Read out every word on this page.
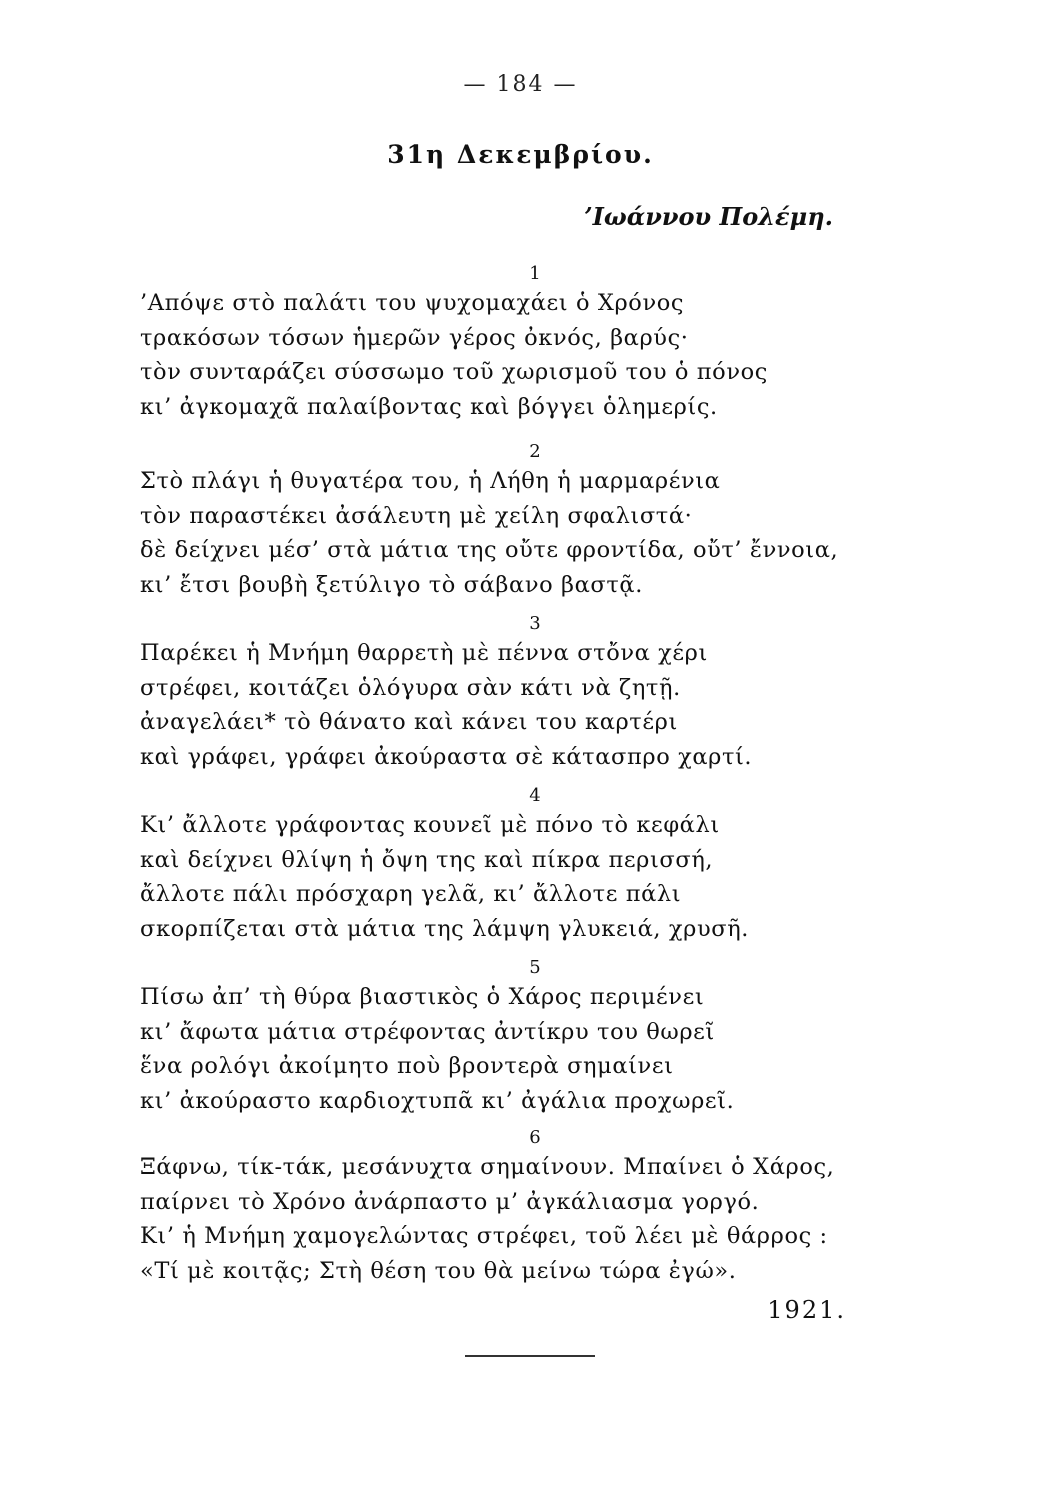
— 184 —
31η Δεκεμβρίου.
’Ιωάννου Πολέμη.
1
’Απόψε στὸ παλάτι του ψυχομαχάει ὁ Χρόνος
τρακόσων τόσων ἡμερῶν γέρος ὀκνός, βαρύς·
τὸν συνταράζει σύσσωμο τοῦ χωρισμοῦ του ὁ πόνος
κι’ ἀγκομαχᾶ παλαίβοντας καὶ βόγγει ὁλημερίς.
2
Στὸ πλάγι ἡ θυγατέρα του, ἡ Λήθη ἡ μαρμαρένια
τὸν παραστέκει ἀσάλευτη μὲ χείλη σφαλιστά·
δὲ δείχνει μέσ’ στὰ μάτια της οὔτε φροντίδα, οὔτ’ ἔννοια,
κι’ ἔτσι βουβὴ ξετύλιγο τὸ σάβανο βαστᾷ.
3
Παρέκει ἡ Μνήμη θαρρετὴ μὲ πέννα στὄνα χέρι
στρέφει, κοιτάζει ὁλόγυρα σὰν κάτι νὰ ζητῇ.
ἀναγελάει* τὸ θάνατο καὶ κάνει του καρτέρι
καὶ γράφει, γράφει ἀκούραστα σὲ κάτασπρο χαρτί.
4
Κι’ ἄλλοτε γράφοντας κουνεῖ μὲ πόνο τὸ κεφάλι
καὶ δείχνει θλίψη ἡ ὄψη της καὶ πίκρα περισσή,
ἄλλοτε πάλι πρόσχαρη γελᾶ, κι’ ἄλλοτε πάλι
σκορπίζεται στὰ μάτια της λάμψη γλυκειά, χρυσῆ.
5
Πίσω ἀπ’ τὴ θύρα βιαστικὸς ὁ Χάρος περιμένει
κι’ ἄφωτα μάτια στρέφοντας ἀντίκρυ του θωρεῖ
ἕνα ρολόγι ἀκοίμητο ποὺ βροντερὰ σημαίνει
κι’ ἀκούραστο καρδιοχτυπᾶ κι’ ἀγάλια προχωρεῖ.
6
Ξάφνω, τίκ-τάκ, μεσάνυχτα σημαίνουν. Μπαίνει ὁ Χάρος,
παίρνει τὸ Χρόνο ἀνάρπαστο μ’ ἀγκάλιασμα γοργό.
Κι’ ἡ Μνήμη χαμογελώντας στρέφει, τοῦ λέει μὲ θάρρος :
«Τί μὲ κοιτᾷς; Στὴ θέση του θὰ μείνω τώρα ἐγώ».
1921.
